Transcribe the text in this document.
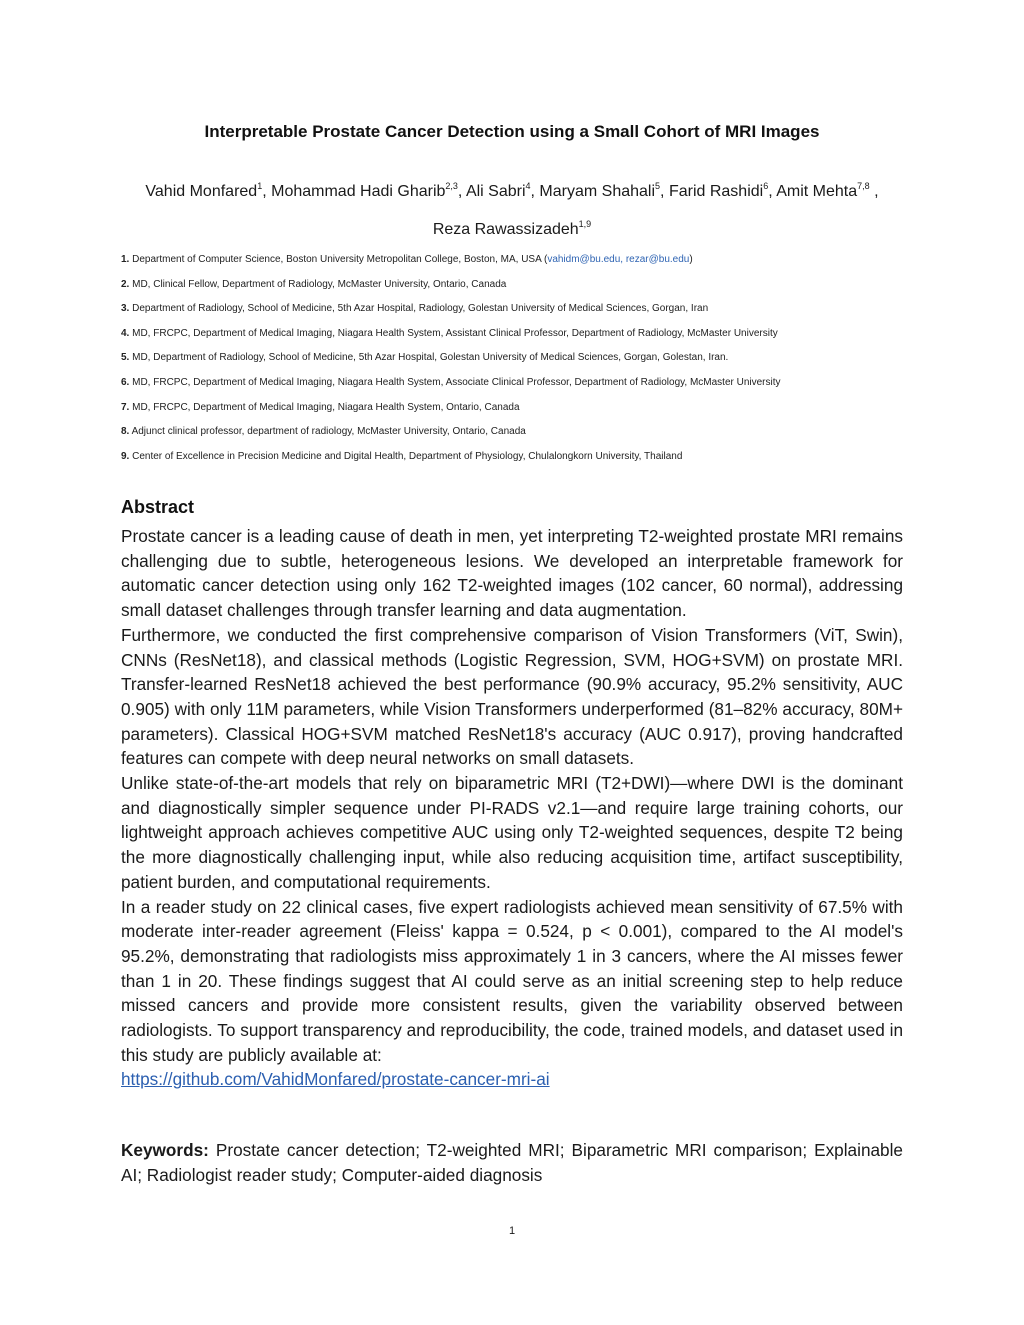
Interpretable Prostate Cancer Detection using a Small Cohort of MRI Images
Vahid Monfared$^1$, Mohammad Hadi Gharib$^{2,3}$, Ali Sabri$^4$, Maryam Shahali$^5$, Farid Rashidi$^6$, Amit Mehta$^{7,8}$ ,
Reza Rawassizadeh$^{1,9}$
1. Department of Computer Science, Boston University Metropolitan College, Boston, MA, USA (vahidm@bu.edu, rezar@bu.edu)
2. MD, Clinical Fellow, Department of Radiology, McMaster University, Ontario, Canada
3. Department of Radiology, School of Medicine, 5th Azar Hospital, Radiology, Golestan University of Medical Sciences, Gorgan, Iran
4. MD, FRCPC, Department of Medical Imaging, Niagara Health System, Assistant Clinical Professor, Department of Radiology, McMaster University
5. MD, Department of Radiology, School of Medicine, 5th Azar Hospital, Golestan University of Medical Sciences, Gorgan, Golestan, Iran.
6. MD, FRCPC, Department of Medical Imaging, Niagara Health System, Associate Clinical Professor, Department of Radiology, McMaster University
7. MD, FRCPC, Department of Medical Imaging, Niagara Health System, Ontario, Canada
8. Adjunct clinical professor, department of radiology, McMaster University, Ontario, Canada
9. Center of Excellence in Precision Medicine and Digital Health, Department of Physiology, Chulalongkorn University, Thailand
Abstract

Prostate cancer is a leading cause of death in men, yet interpreting T2-weighted prostate MRI remains challenging due to subtle, heterogeneous lesions. We developed an interpretable framework for automatic cancer detection using only 162 T2-weighted images (102 cancer, 60 normal), addressing small dataset challenges through transfer learning and data augmentation.

Furthermore, we conducted the first comprehensive comparison of Vision Transformers (ViT, Swin), CNNs (ResNet18), and classical methods (Logistic Regression, SVM, HOG+SVM) on prostate MRI. Transfer-learned ResNet18 achieved the best performance (90.9% accuracy, 95.2% sensitivity, AUC 0.905) with only 11M parameters, while Vision Transformers underperformed (81–82% accuracy, 80M+ parameters). Classical HOG+SVM matched ResNet18's accuracy (AUC 0.917), proving handcrafted features can compete with deep neural networks on small datasets.

Unlike state-of-the-art models that rely on biparametric MRI (T2+DWI)—where DWI is the dominant and diagnostically simpler sequence under PI-RADS v2.1—and require large training cohorts, our lightweight approach achieves competitive AUC using only T2-weighted sequences, despite T2 being the more diagnostically challenging input, while also reducing acquisition time, artifact susceptibility, patient burden, and computational requirements.

In a reader study on 22 clinical cases, five expert radiologists achieved mean sensitivity of 67.5% with moderate inter-reader agreement (Fleiss' kappa = 0.524, p < 0.001), compared to the AI model's 95.2%, demonstrating that radiologists miss approximately 1 in 3 cancers, where the AI misses fewer than 1 in 20. These findings suggest that AI could serve as an initial screening step to help reduce missed cancers and provide more consistent results, given the variability observed between radiologists. To support transparency and reproducibility, the code, trained models, and dataset used in this study are publicly available at:

https://github.com/VahidMonfared/prostate-cancer-mri-ai

Keywords: Prostate cancer detection; T2-weighted MRI; Biparametric MRI comparison; Explainable AI; Radiologist reader study; Computer-aided diagnosis
1
